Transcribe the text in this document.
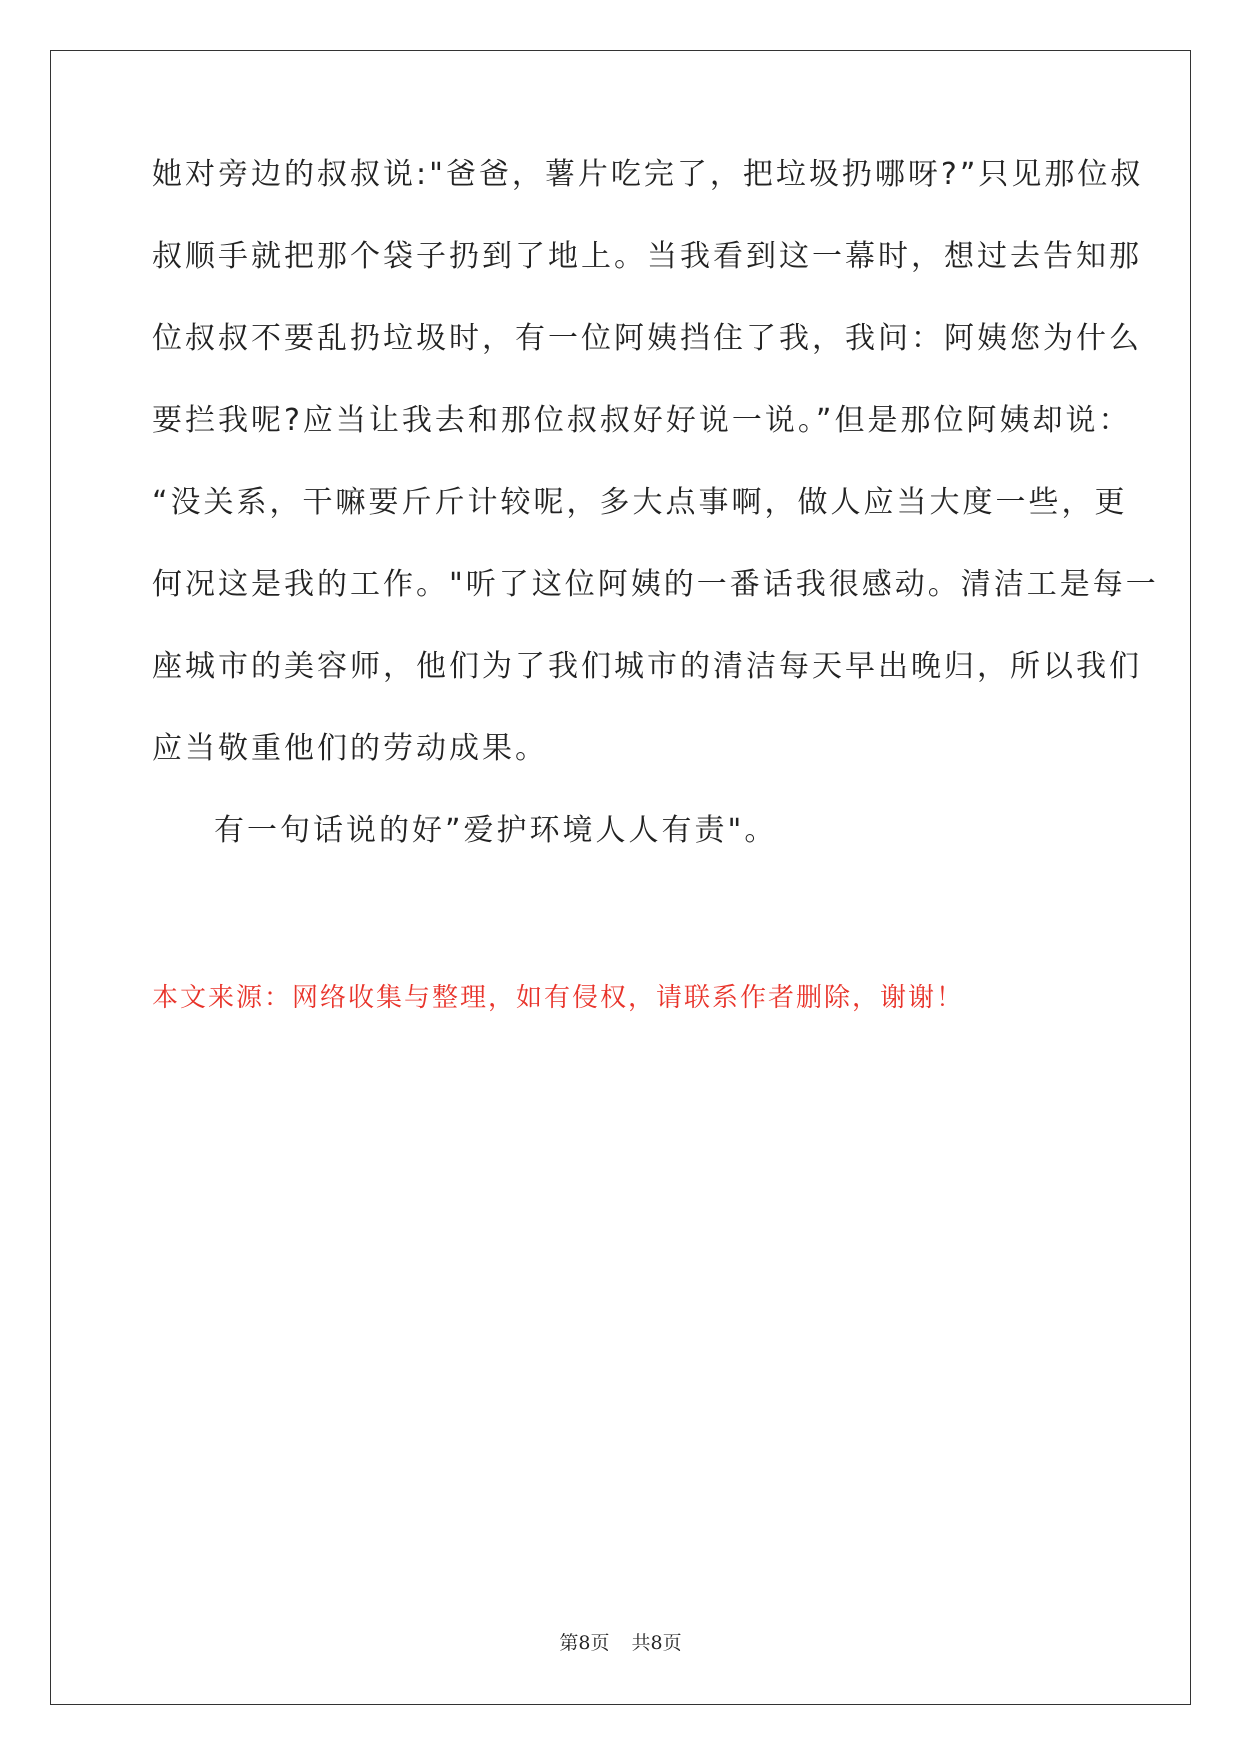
她对旁边的叔叔说:"爸爸，薯片吃完了，把垃圾扔哪呀?”只见那位叔
叔顺手就把那个袋子扔到了地上。当我看到这一幕时，想过去告知那
位叔叔不要乱扔垃圾时，有一位阿姨挡住了我，我问：阿姨您为什么
要拦我呢?应当让我去和那位叔叔好好说一说。”但是那位阿姨却说：
“没关系，干嘛要斤斤计较呢，多大点事啊，做人应当大度一些，更
何况这是我的工作。"听了这位阿姨的一番话我很感动。清洁工是每一
座城市的美容师，他们为了我们城市的清洁每天早出晚归，所以我们
应当敬重他们的劳动成果。
有一句话说的好”爱护环境人人有责"。
本文来源：网络收集与整理，如有侵权，请联系作者删除，谢谢！
第8页 共8页
